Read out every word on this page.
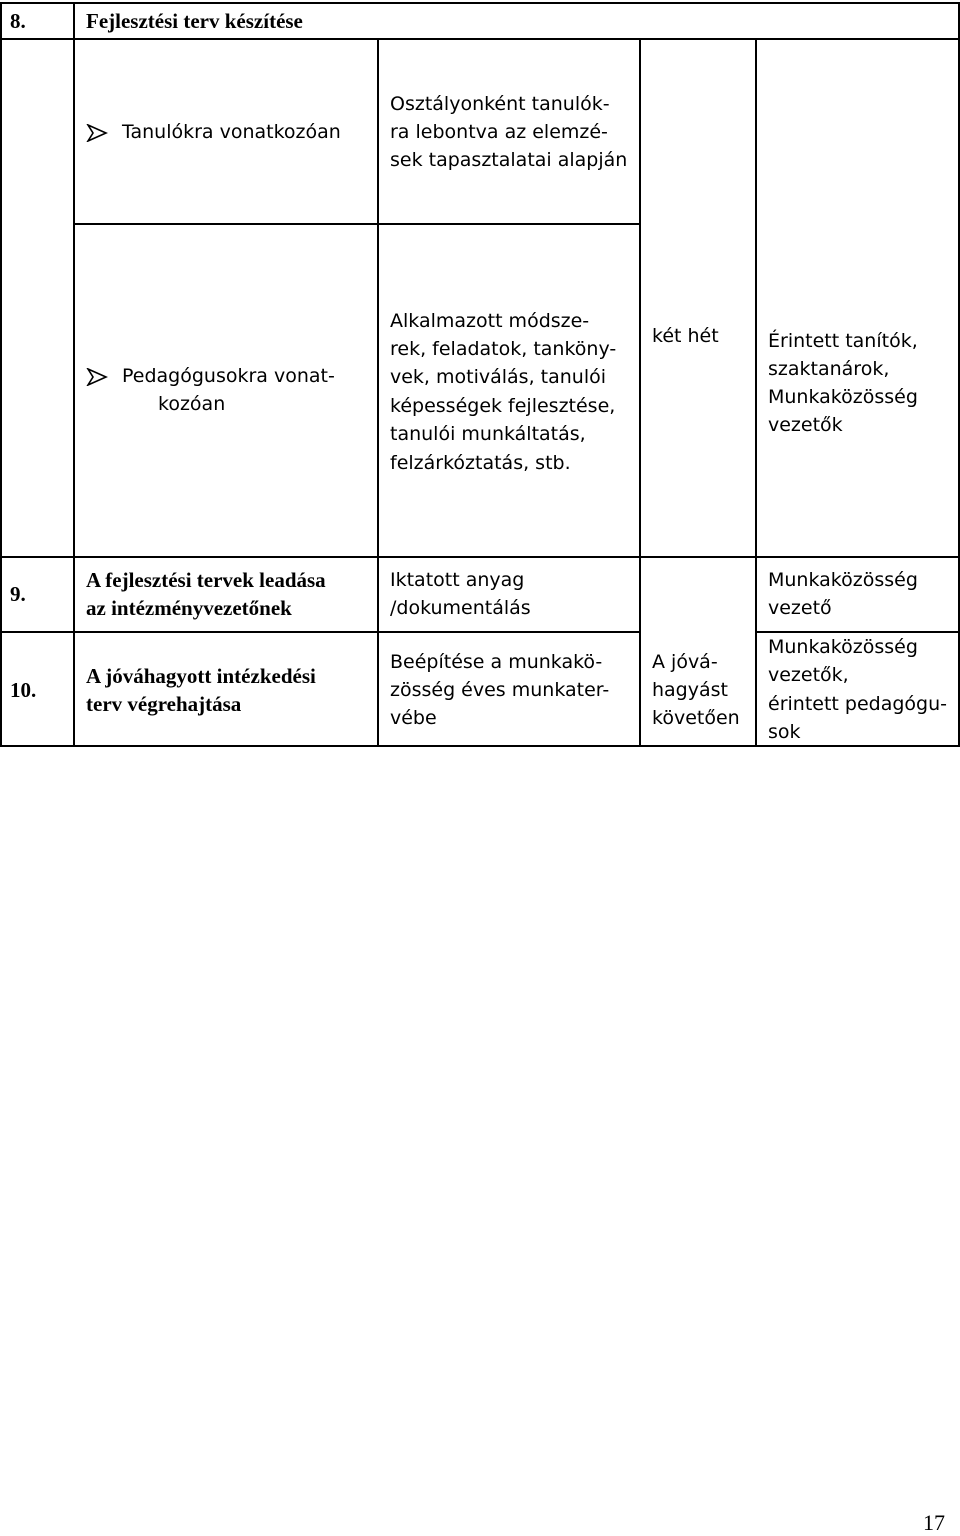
8.	Fejlesztési terv készítése
Tanulókra vonatkozóan
Osztályonként tanulók-
ra lebontva az elemzé-
sek tapasztalatai alapján
Pedagógusokra vonat-
kozóan
Alkalmazott módsze-
rek, feladatok, tanköny-
vek, motiválás, tanulói
képességek fejlesztése,
tanulói munkáltatás,
felzárkóztatás, stb.
két hét	Érintett tanítók,
szaktanárok,
Munkaközösség
vezetők
9.
A fejlesztési tervek leadása
az intézményvezetőnek
Iktatott anyag
/dokumentálás
Munkaközösség
vezető
10.
A jóváhagyott intézkedési
terv végrehajtása
Beépítése a munkakö-
zösség éves munkater-
vébe
A jóvá-
hagyást
követően
Munkaközösség
vezetők,
érintett pedagógu-
sok
17
